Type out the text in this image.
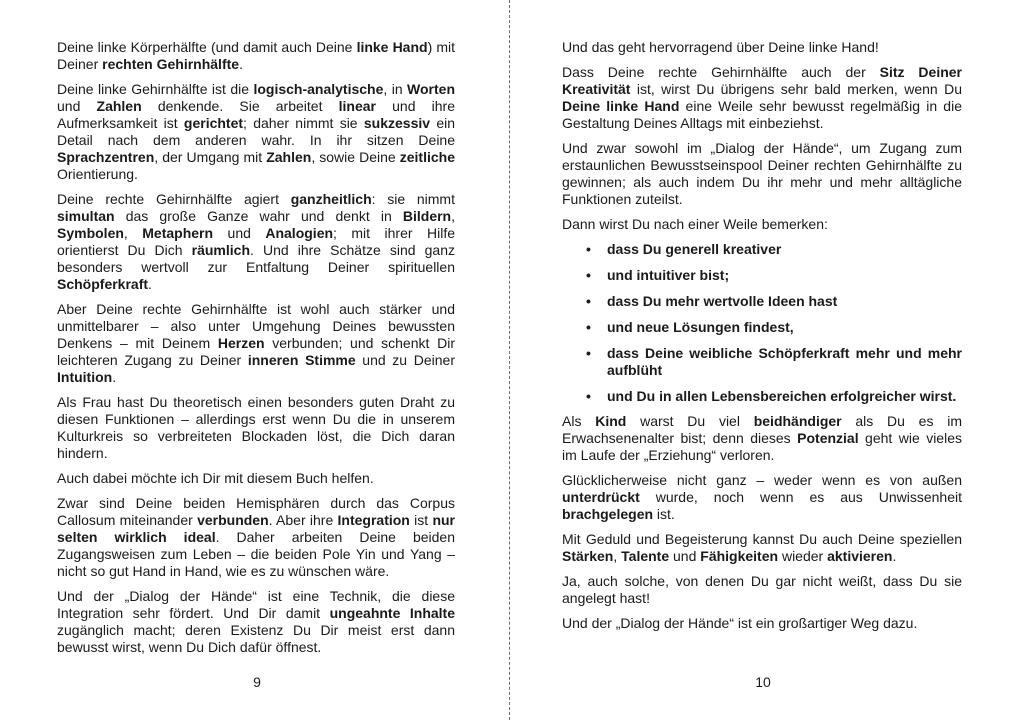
Deine linke Körperhälfte (und damit auch Deine linke Hand) mit Deiner rechten Gehirnhälfte.

Deine linke Gehirnhälfte ist die logisch-analytische, in Worten und Zahlen denkende. Sie arbeitet linear und ihre Aufmerksamkeit ist gerichtet; daher nimmt sie sukzessiv ein Detail nach dem anderen wahr. In ihr sitzen Deine Sprachzentren, der Umgang mit Zahlen, sowie Deine zeitliche Orientierung.

Deine rechte Gehirnhälfte agiert ganzheitlich: sie nimmt simultan das große Ganze wahr und denkt in Bildern, Symbolen, Metaphern und Analogien; mit ihrer Hilfe orientierst Du Dich räumlich. Und ihre Schätze sind ganz besonders wertvoll zur Entfaltung Deiner spirituellen Schöpferkraft.

Aber Deine rechte Gehirnhälfte ist wohl auch stärker und unmittelbarer – also unter Umgehung Deines bewussten Denkens – mit Deinem Herzen verbunden; und schenkt Dir leichteren Zugang zu Deiner inneren Stimme und zu Deiner Intuition.

Als Frau hast Du theoretisch einen besonders guten Draht zu diesen Funktionen – allerdings erst wenn Du die in unserem Kulturkreis so verbreiteten Blockaden löst, die Dich daran hindern.

Auch dabei möchte ich Dir mit diesem Buch helfen.

Zwar sind Deine beiden Hemisphären durch das Corpus Callosum miteinander verbunden. Aber ihre Integration ist nur selten wirklich ideal. Daher arbeiten Deine beiden Zugangsweisen zum Leben – die beiden Pole Yin und Yang – nicht so gut Hand in Hand, wie es zu wünschen wäre.

Und der „Dialog der Hände“ ist eine Technik, die diese Integration sehr fördert. Und Dir damit ungeahnte Inhalte zugänglich macht; deren Existenz Du Dir meist erst dann bewusst wirst, wenn Du Dich dafür öffnest.

9

Und das geht hervorragend über Deine linke Hand!

Dass Deine rechte Gehirnhälfte auch der Sitz Deiner Kreativität ist, wirst Du übrigens sehr bald merken, wenn Du Deine linke Hand eine Weile sehr bewusst regelmäßig in die Gestaltung Deines Alltags mit einbeziehst.

Und zwar sowohl im „Dialog der Hände“, um Zugang zum erstaunlichen Bewusstseinspool Deiner rechten Gehirnhälfte zu gewinnen; als auch indem Du ihr mehr und mehr alltägliche Funktionen zuteilst.

Dann wirst Du nach einer Weile bemerken:

• dass Du generell kreativer
• und intuitiver bist;
• dass Du mehr wertvolle Ideen hast
• und neue Lösungen findest,
• dass Deine weibliche Schöpferkraft mehr und mehr aufblüht
• und Du in allen Lebensbereichen erfolgreicher wirst.

Als Kind warst Du viel beidhändiger als Du es im Erwachsenenalter bist; denn dieses Potenzial geht wie vieles im Laufe der „Erziehung“ verloren.

Glücklicherweise nicht ganz – weder wenn es von außen unterdrückt wurde, noch wenn es aus Unwissenheit brachgelegen ist.

Mit Geduld und Begeisterung kannst Du auch Deine speziellen Stärken, Talente und Fähigkeiten wieder aktivieren.

Ja, auch solche, von denen Du gar nicht weißt, dass Du sie angelegt hast!

Und der „Dialog der Hände“ ist ein großartiger Weg dazu.

10
